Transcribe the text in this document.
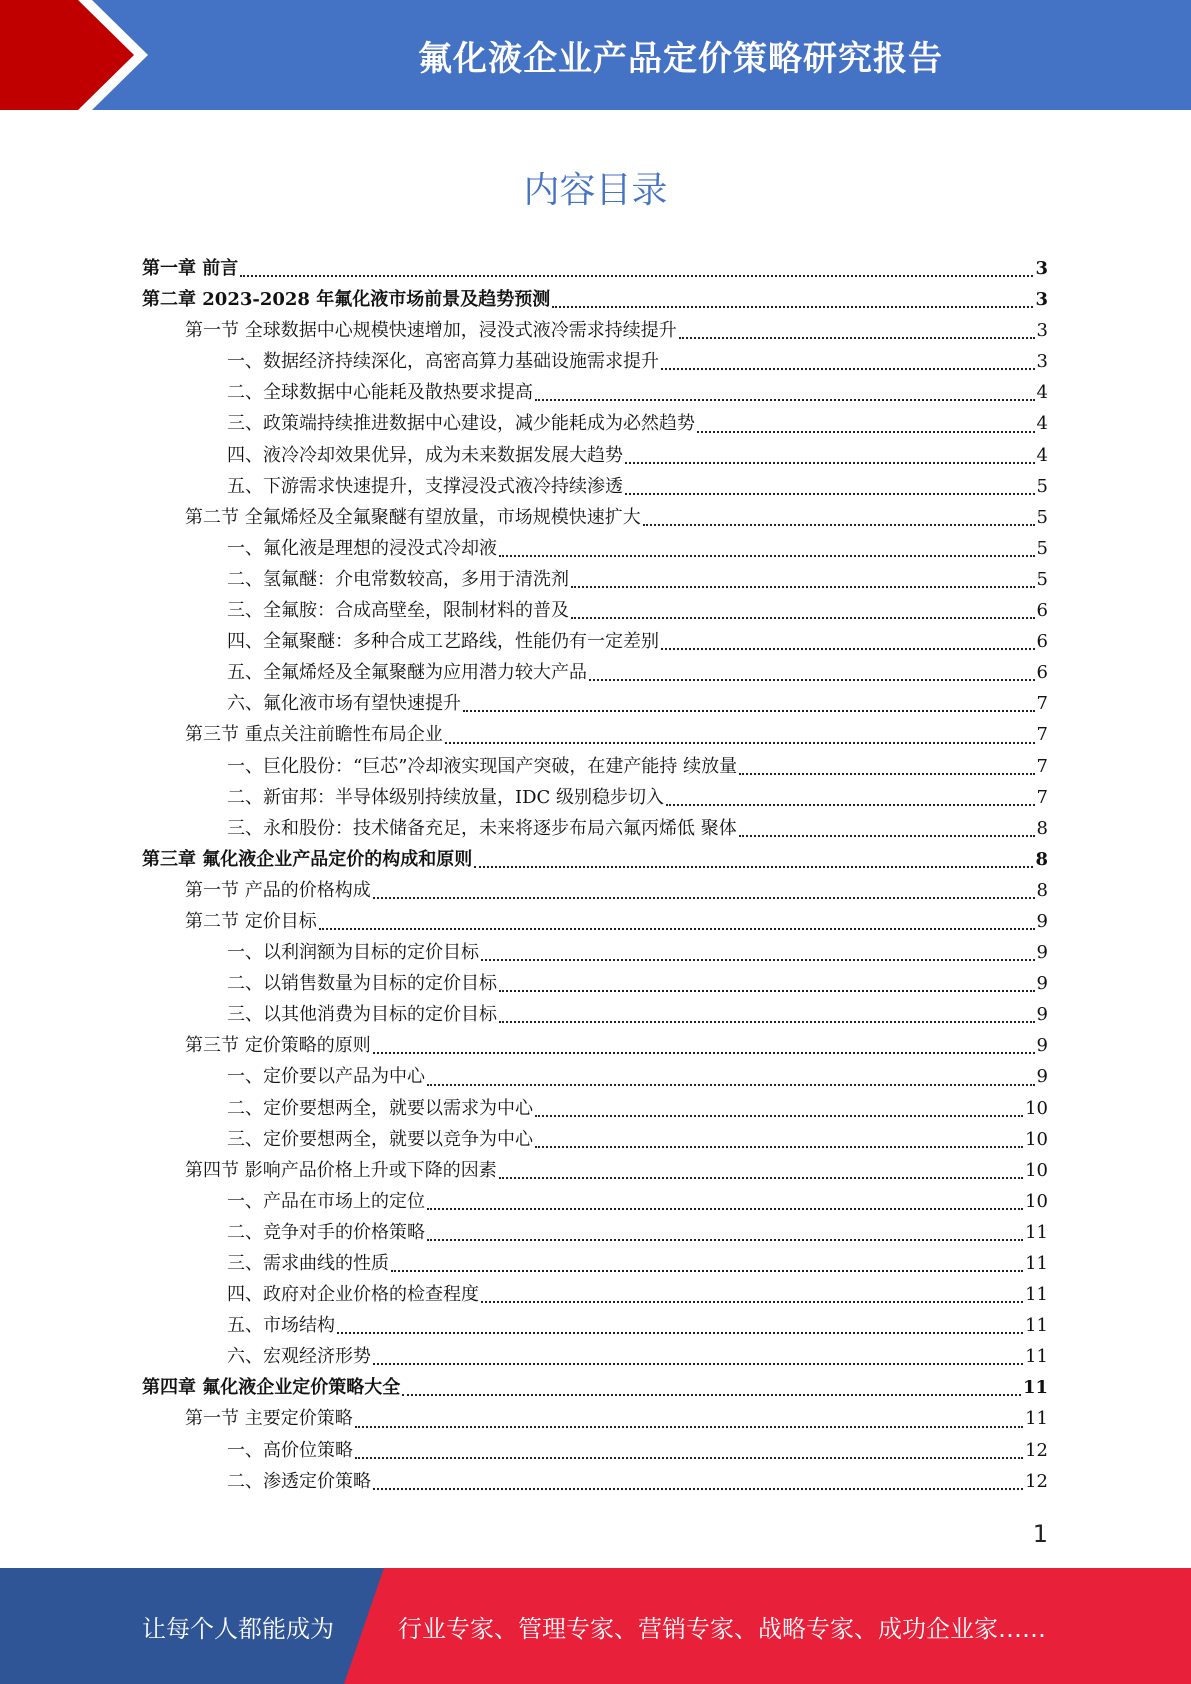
氟化液企业产品定价策略研究报告
内容目录
第一章 前言	3
第二章 2023-2028 年氟化液市场前景及趋势预测	3
第一节 全球数据中心规模快速增加，浸没式液冷需求持续提升	3
一、数据经济持续深化，高密高算力基础设施需求提升	3
二、全球数据中心能耗及散热要求提高	4
三、政策端持续推进数据中心建设，减少能耗成为必然趋势	4
四、液冷冷却效果优异，成为未来数据发展大趋势	4
五、下游需求快速提升，支撑浸没式液冷持续渗透	5
第二节 全氟烯烃及全氟聚醚有望放量，市场规模快速扩大	5
一、氟化液是理想的浸没式冷却液	5
二、氢氟醚：介电常数较高，多用于清洗剂	5
三、全氟胺：合成高壁垒，限制材料的普及	6
四、全氟聚醚：多种合成工艺路线，性能仍有一定差别	6
五、全氟烯烃及全氟聚醚为应用潜力较大产品	6
六、氟化液市场有望快速提升	7
第三节 重点关注前瞻性布局企业	7
一、巨化股份：“巨芯”冷却液实现国产突破，在建产能持 续放量	7
二、新宙邦：半导体级别持续放量，IDC 级别稳步切入	7
三、永和股份：技术储备充足，未来将逐步布局六氟丙烯低 聚体	8
第三章 氟化液企业产品定价的构成和原则	8
第一节 产品的价格构成	8
第二节 定价目标	9
一、以利润额为目标的定价目标	9
二、以销售数量为目标的定价目标	9
三、以其他消费为目标的定价目标	9
第三节 定价策略的原则	9
一、定价要以产品为中心	9
二、定价要想两全，就要以需求为中心	10
三、定价要想两全，就要以竞争为中心	10
第四节 影响产品价格上升或下降的因素	10
一、产品在市场上的定位	10
二、竞争对手的价格策略	11
三、需求曲线的性质	11
四、政府对企业价格的检查程度	11
五、市场结构	11
六、宏观经济形势	11
第四章 氟化液企业定价策略大全	11
第一节 主要定价策略	11
一、高价位策略	12
二、渗透定价策略	12
1
让每个人都能成为	行业专家、管理专家、营销专家、战略专家、成功企业家……
